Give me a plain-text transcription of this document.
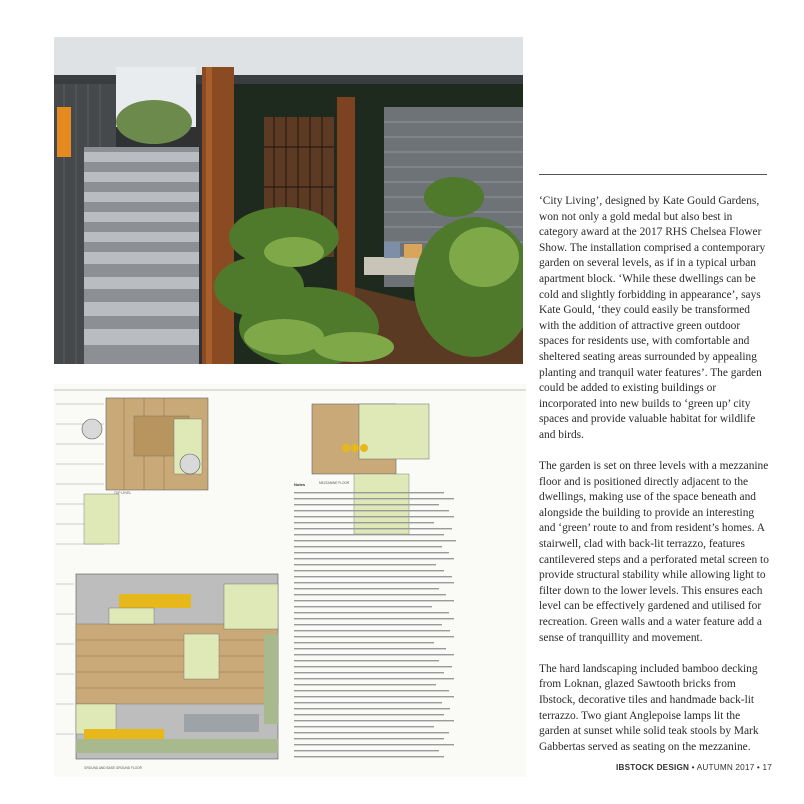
TOP LEVEL
MEZZANINE FLOOR
Notes
GROUND AND BASE GROUND FLOOR

‘City Living’, designed by Kate Gould Gardens, won not only a gold medal but also best in category award at the 2017 RHS Chelsea Flower Show. The installation comprised a contemporary garden on several levels, as if in a typical urban apartment block. ‘While these dwellings can be cold and slightly forbidding in appearance’, says Kate Gould, ‘they could easily be transformed with the addition of attractive green outdoor spaces for residents use, with comfortable and sheltered seating areas surrounded by appealing planting and tranquil water features’. The garden could be added to existing buildings or incorporated into new builds to ‘green up’ city spaces and provide valuable habitat for wildlife and birds.

The garden is set on three levels with a mezzanine floor and is positioned directly adjacent to the dwellings, making use of the space beneath and alongside the building to provide an interesting and ‘green’ route to and from resident’s homes. A stairwell, clad with back-lit terrazzo, features cantilevered steps and a perforated metal screen to provide structural stability while allowing light to filter down to the lower levels. This ensures each level can be effectively gardened and utilised for recreation. Green walls and a water feature add a sense of tranquillity and movement.

The hard landscaping included bamboo decking from Loknan, glazed Sawtooth bricks from Ibstock, decorative tiles and handmade back-lit terrazzo. Two giant Anglepoise lamps lit the garden at sunset while solid teak stools by Mark Gabbertas served as seating on the mezzanine.

IBSTOCK DESIGN • AUTUMN 2017 • 17
